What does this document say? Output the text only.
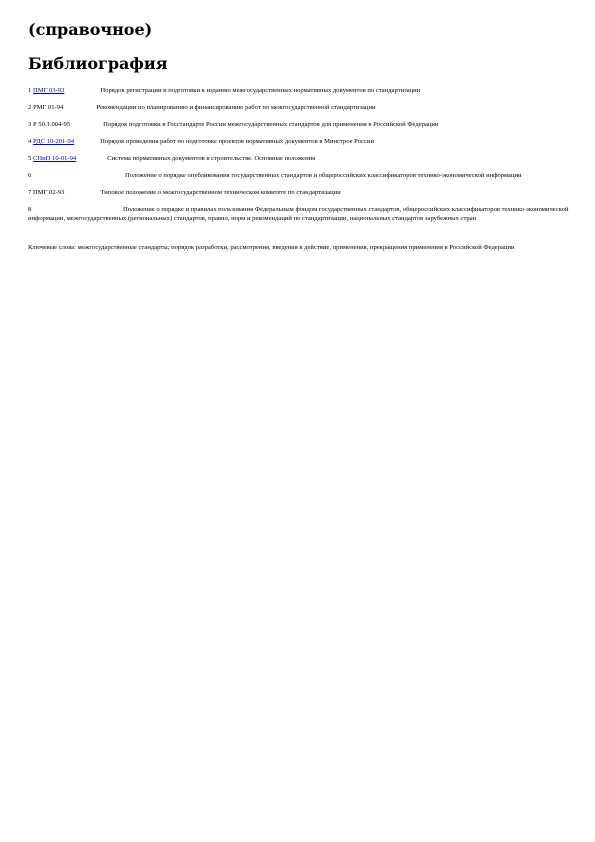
(справочное)
Библиография
1 ПМГ 03-93	Порядок регистрации и подготовки к изданию межгосударственных нормативных документов по стандартизации
2 РМГ 01-94	Рекомендации по планированию и финансированию работ по межгосударственной стандартизации
3 Р 50.1.004-95	Порядок подготовки в Госстандарте России межгосударственных стандартов для применения в Российской Федерации
4 РДС 10-201-94	Порядок проведения работ по подготовке проектов нормативных документов в Минстрое России
5 СНиП 10-01-94	Система нормативных документов в строительстве. Основные положения
6	Положение о порядке опубликования государственных стандартов и общероссийских классификаторов технико-экономической информации
7 ПМГ 02-93	Типовое положение о межгосударственном техническом комитете по стандартизации
8	Положение о порядке и правилах пользования Федеральным фондом государственных стандартов, общероссийских классификаторов технико-экономической информации, межгосударственных (региональных) стандартов, правил, норм и рекомендаций по стандартизации, национальных стандартов зарубежных стран
Ключевые слова: межгосударственные стандарты; порядок разработки, рассмотрения, введения в действие, применения, прекращения применения в Российской Федерации
